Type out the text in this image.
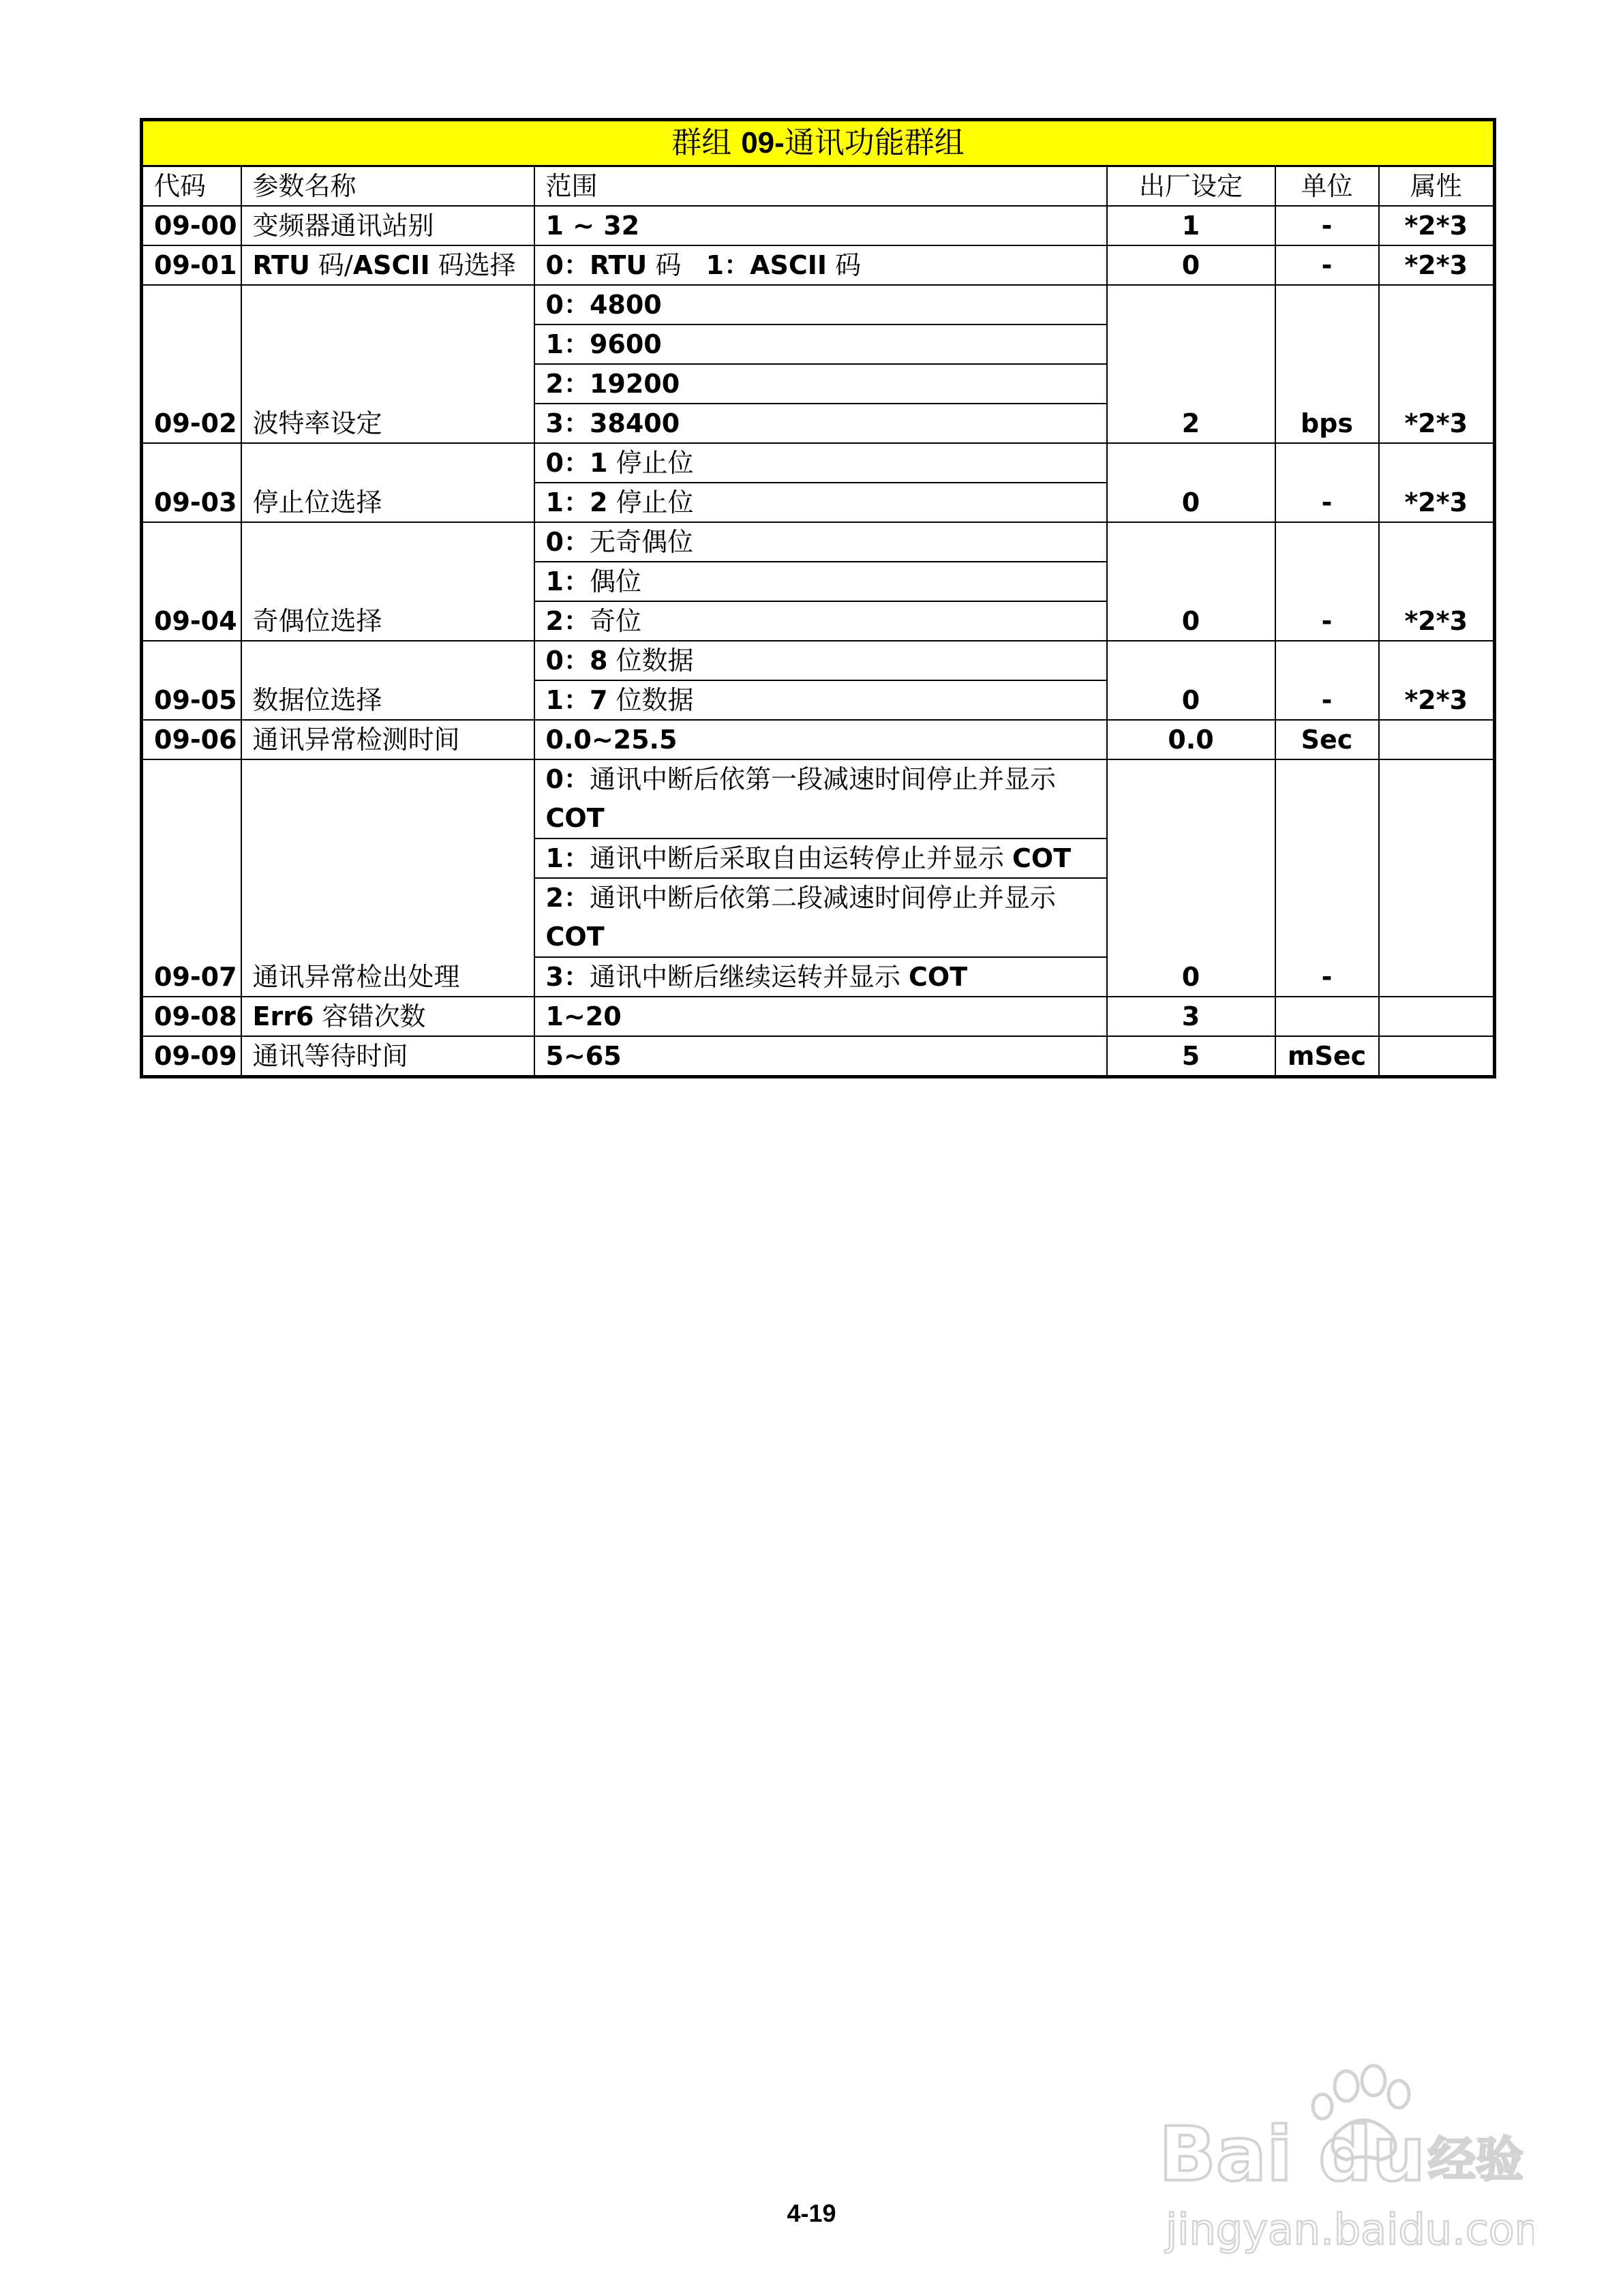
群组 09-通讯功能群组					
代码	参数名称	范围	出厂设定	单位	属性
09-00	变频器通讯站别	1 ~ 32	1	-	*2*3
09-01	RTU 码/ASCII 码选择	0：RTU 码   1：ASCII 码	0	-	*2*3
09-02	波特率设定	0：4800	2	bps	*2*3
		1：9600			
		2：19200			
		3：38400			
09-03	停止位选择	0：1 停止位	0	-	*2*3
		1：2 停止位			
09-04	奇偶位选择	0：无奇偶位	0	-	*2*3
		1：偶位			
		2：奇位			
09-05	数据位选择	0：8 位数据	0	-	*2*3
		1：7 位数据			
09-06	通讯异常检测时间	0.0~25.5	0.0	Sec	
09-07	通讯异常检出处理	0：通讯中断后依第一段减速时间停止并显示 COT	0	-	
		1：通讯中断后采取自由运转停止并显示 COT			
		2：通讯中断后依第二段减速时间停止并显示 COT			
		3：通讯中断后继续运转并显示 COT			
09-08	Err6 容错次数	1~20	3		
09-09	通讯等待时间	5~65	5	mSec	
Bai du 经验
jingyan.baidu.com
4-19
